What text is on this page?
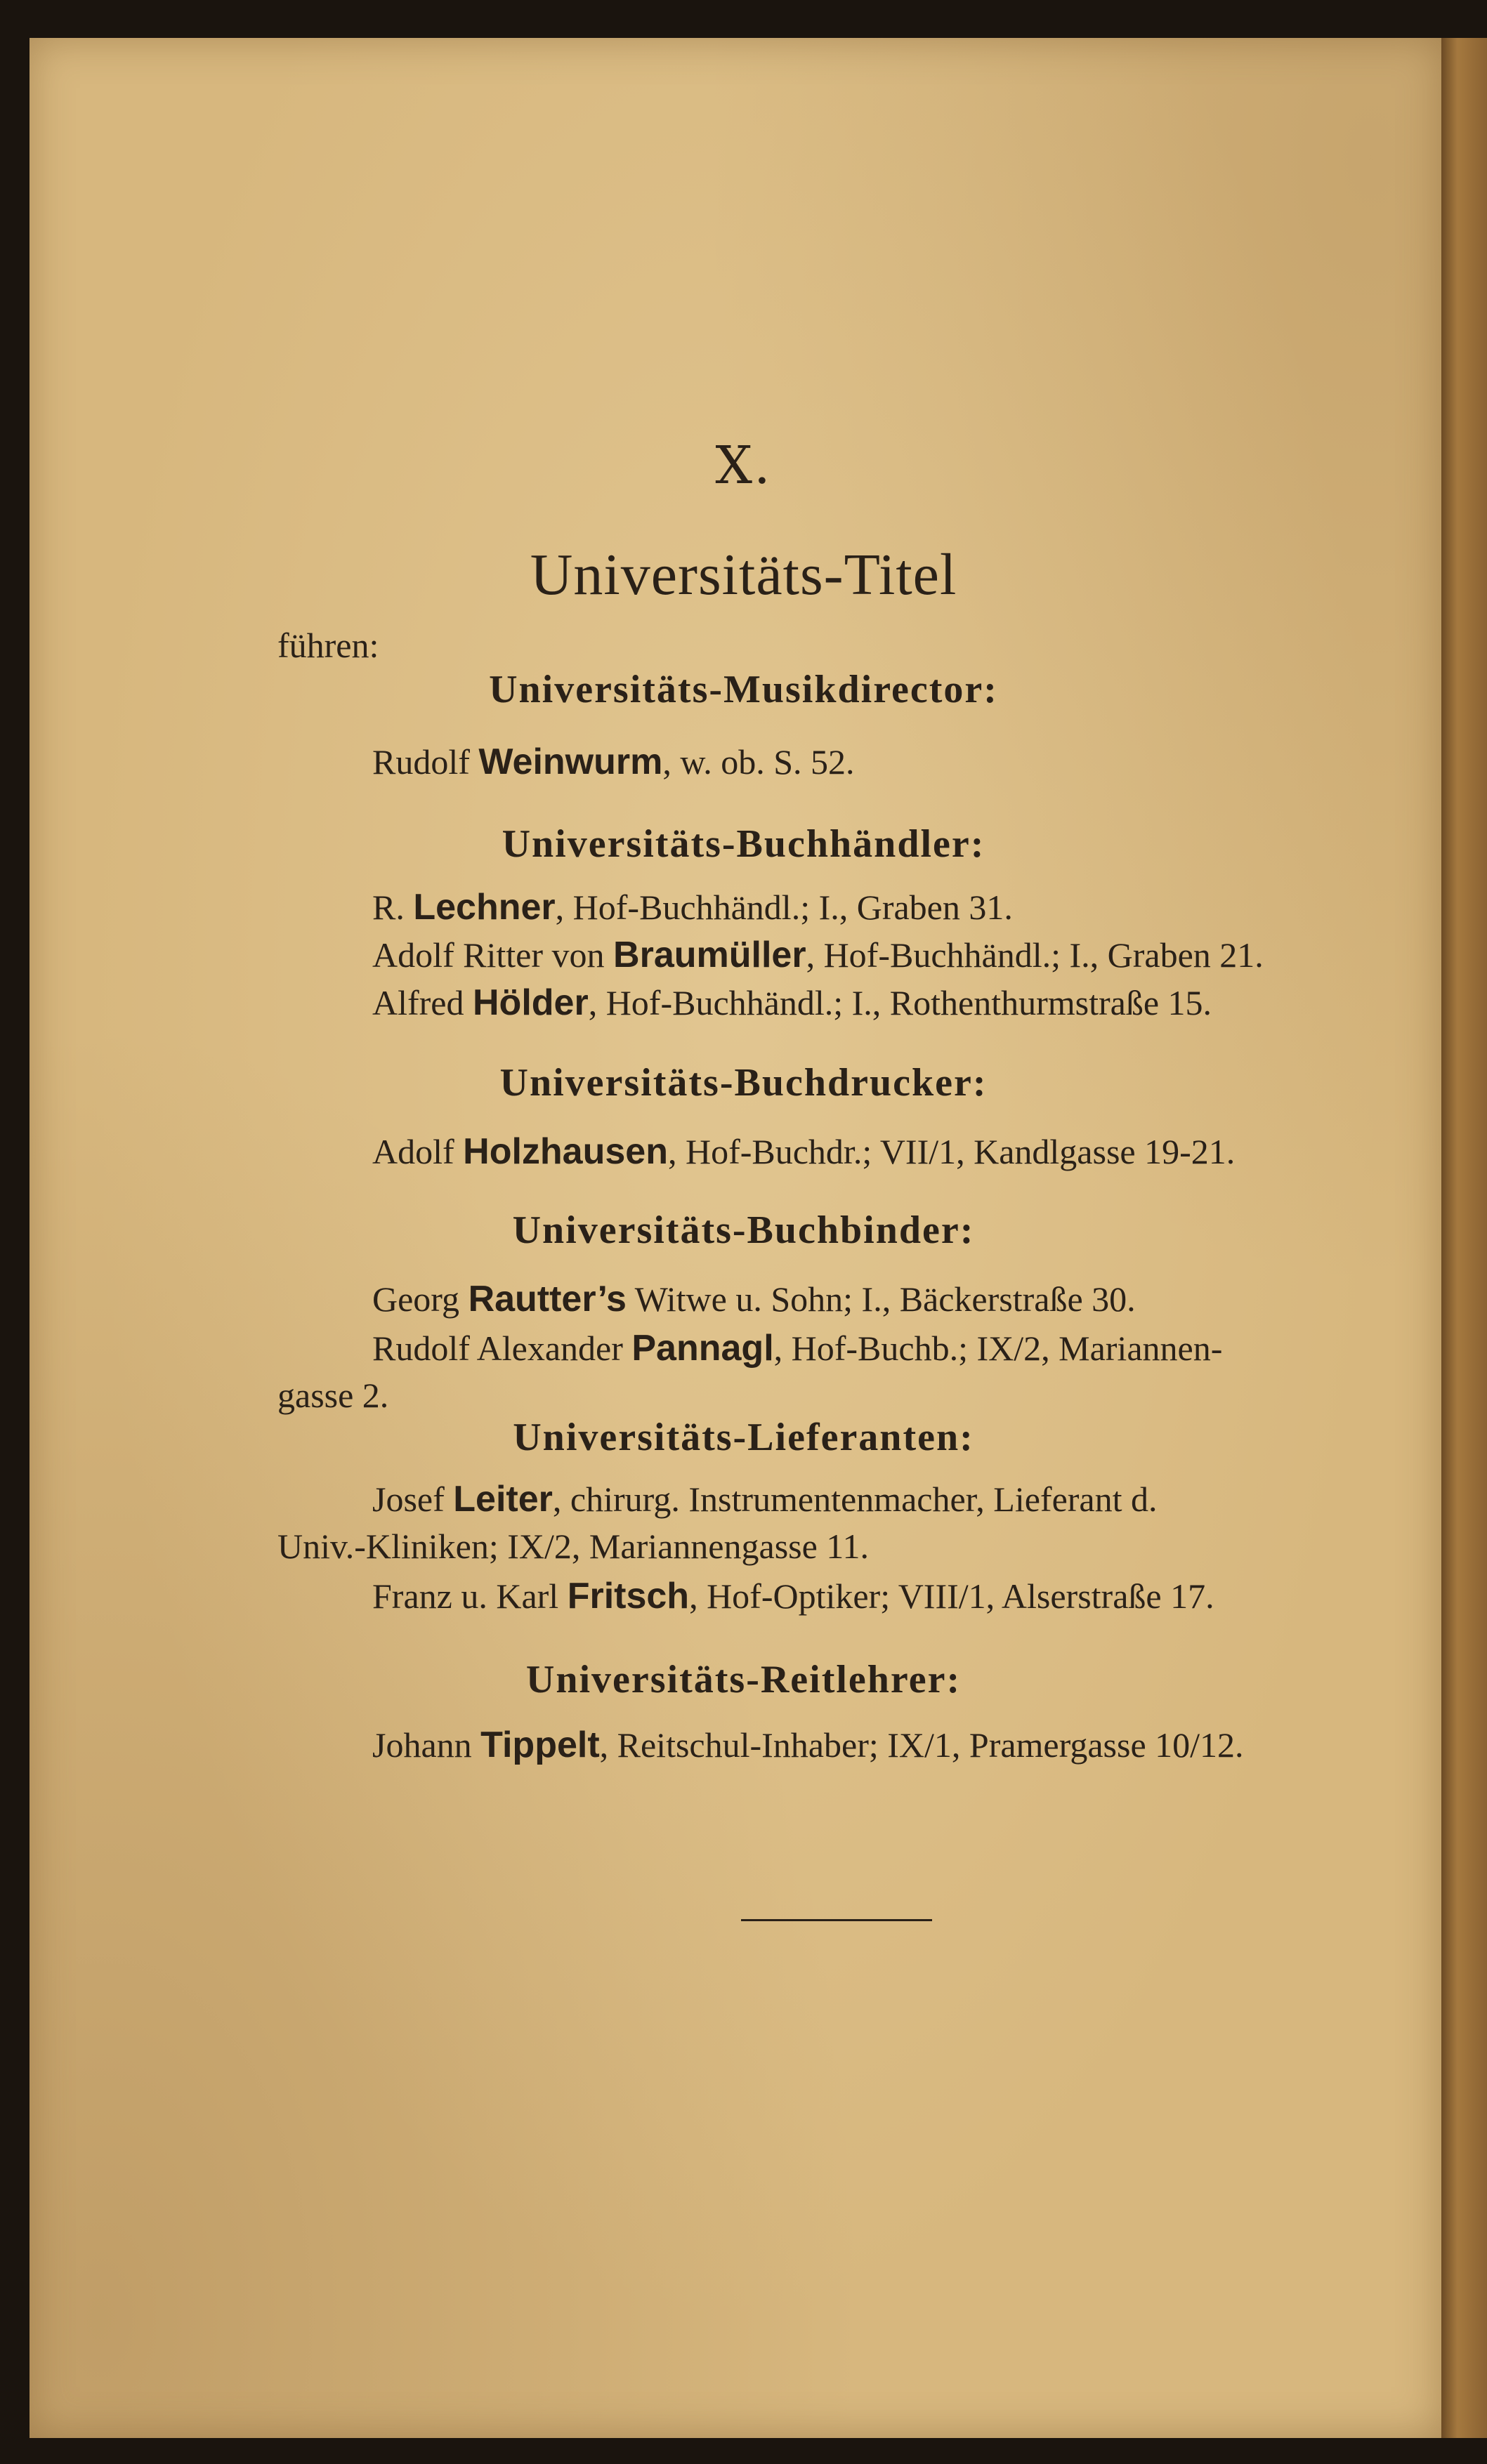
X.
Universitäts-Titel
führen:
Universitäts-Musikdirector:
Rudolf Weinwurm, w. ob. S. 52.
Universitäts-Buchhändler:
R. Lechner, Hof-Buchhändl.; I., Graben 31.
Adolf Ritter von Braumüller, Hof-Buchhändl.; I., Graben 21.
Alfred Hölder, Hof-Buchhändl.; I., Rothenthurmstraße 15.
Universitäts-Buchdrucker:
Adolf Holzhausen, Hof-Buchdr.; VII/1, Kandlgasse 19-21.
Universitäts-Buchbinder:
Georg Rautter’s Witwe u. Sohn; I., Bäckerstraße 30.
Rudolf Alexander Pannagl, Hof-Buchb.; IX/2, Mariannen-
gasse 2.
Universitäts-Lieferanten:
Josef Leiter, chirurg. Instrumentenmacher, Lieferant d.
Univ.-Kliniken; IX/2, Mariannengasse 11.
Franz u. Karl Fritsch, Hof-Optiker; VIII/1, Alserstraße 17.
Universitäts-Reitlehrer:
Johann Tippelt, Reitschul-Inhaber; IX/1, Pramergasse 10/12.
